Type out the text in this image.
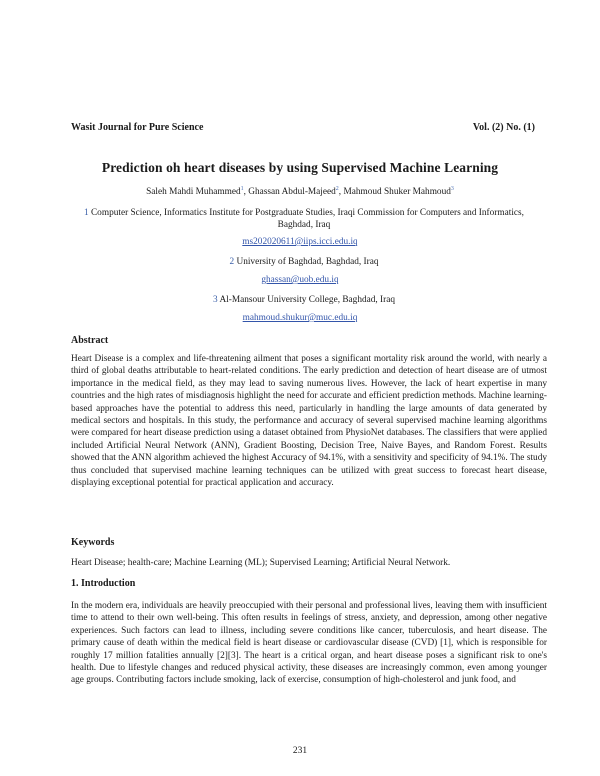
Wasit Journal for Pure Science	Vol. (2) No. (1)
Prediction oh heart diseases by using Supervised Machine Learning
Saleh Mahdi Muhammed$^1$, Ghassan Abdul-Majeed$^2$, Mahmoud Shuker Mahmoud$^3$
1 Computer Science, Informatics Institute for Postgraduate Studies, Iraqi Commission for Computers and Informatics, Baghdad, Iraq
ms202020611@iips.icci.edu.iq
2 University of Baghdad, Baghdad, Iraq
ghassan@uob.edu.iq
3 Al-Mansour University College, Baghdad, Iraq
mahmoud.shukur@muc.edu.iq
Abstract
Heart Disease is a complex and life-threatening ailment that poses a significant mortality risk around the world, with nearly a third of global deaths attributable to heart-related conditions. The early prediction and detection of heart disease are of utmost importance in the medical field, as they may lead to saving numerous lives. However, the lack of heart expertise in many countries and the high rates of misdiagnosis highlight the need for accurate and efficient prediction methods. Machine learning-based approaches have the potential to address this need, particularly in handling the large amounts of data generated by medical sectors and hospitals. In this study, the performance and accuracy of several supervised machine learning algorithms were compared for heart disease prediction using a dataset obtained from PhysioNet databases. The classifiers that were applied included Artificial Neural Network (ANN), Gradient Boosting, Decision Tree, Naive Bayes, and Random Forest. Results showed that the ANN algorithm achieved the highest Accuracy of 94.1%, with a sensitivity and specificity of 94.1%. The study thus concluded that supervised machine learning techniques can be utilized with great success to forecast heart disease, displaying exceptional potential for practical application and accuracy.
Keywords
Heart Disease; health-care; Machine Learning (ML); Supervised Learning; Artificial Neural Network.
1. Introduction
In the modern era, individuals are heavily preoccupied with their personal and professional lives, leaving them with insufficient time to attend to their own well-being. This often results in feelings of stress, anxiety, and depression, among other negative experiences. Such factors can lead to illness, including severe conditions like cancer, tuberculosis, and heart disease. The primary cause of death within the medical field is heart disease or cardiovascular disease (CVD) [1], which is responsible for roughly 17 million fatalities annually [2][3]. The heart is a critical organ, and heart disease poses a significant risk to one's health. Due to lifestyle changes and reduced physical activity, these diseases are increasingly common, even among younger age groups. Contributing factors include smoking, lack of exercise, consumption of high-cholesterol and junk food, and
231
